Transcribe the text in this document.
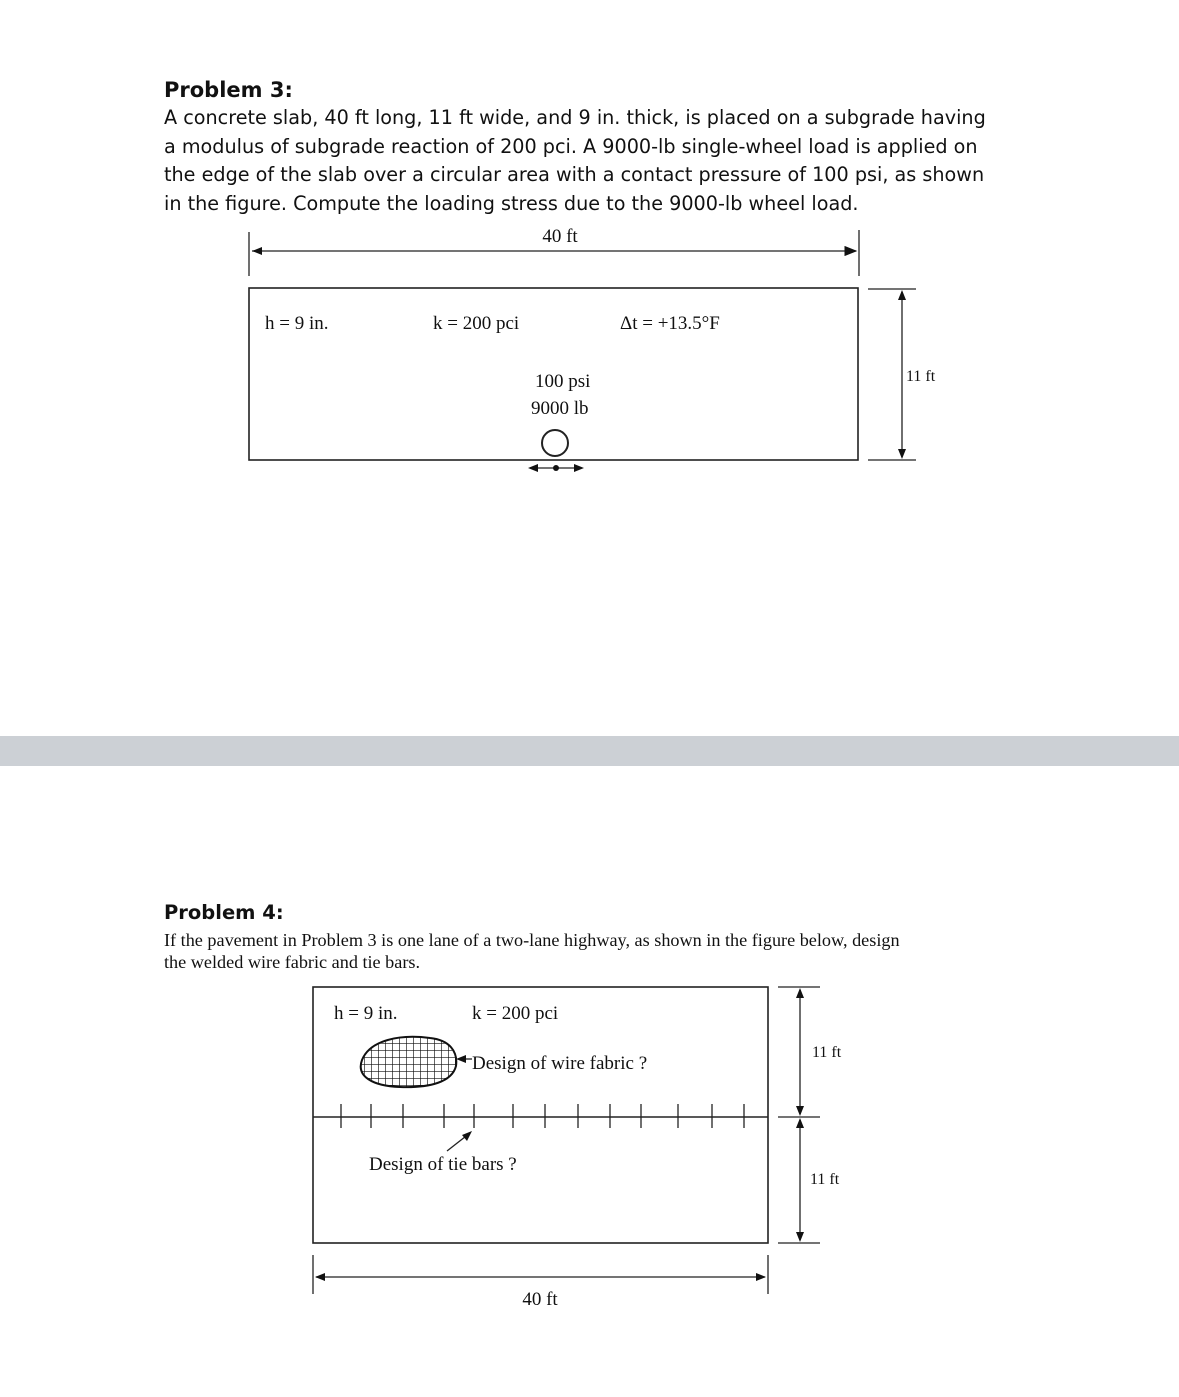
Problem 3:
A concrete slab, 40 ft long, 11 ft wide, and 9 in. thick, is placed on a subgrade having a modulus of subgrade reaction of 200 pci. A 9000-lb single-wheel load is applied on the edge of the slab over a circular area with a contact pressure of 100 psi, as shown in the figure. Compute the loading stress due to the 9000-lb wheel load.
40 ft
11 ft
h = 9 in.	k = 200 pci	Δt = +13.5°F
100 psi
9000 lb
Problem 4:
If the pavement in Problem 3 is one lane of a two-lane highway, as shown in the figure below, design the welded wire fabric and tie bars.
h = 9 in.	k = 200 pci
Design of wire fabric ?
Design of tie bars ?
11 ft
11 ft
40 ft
